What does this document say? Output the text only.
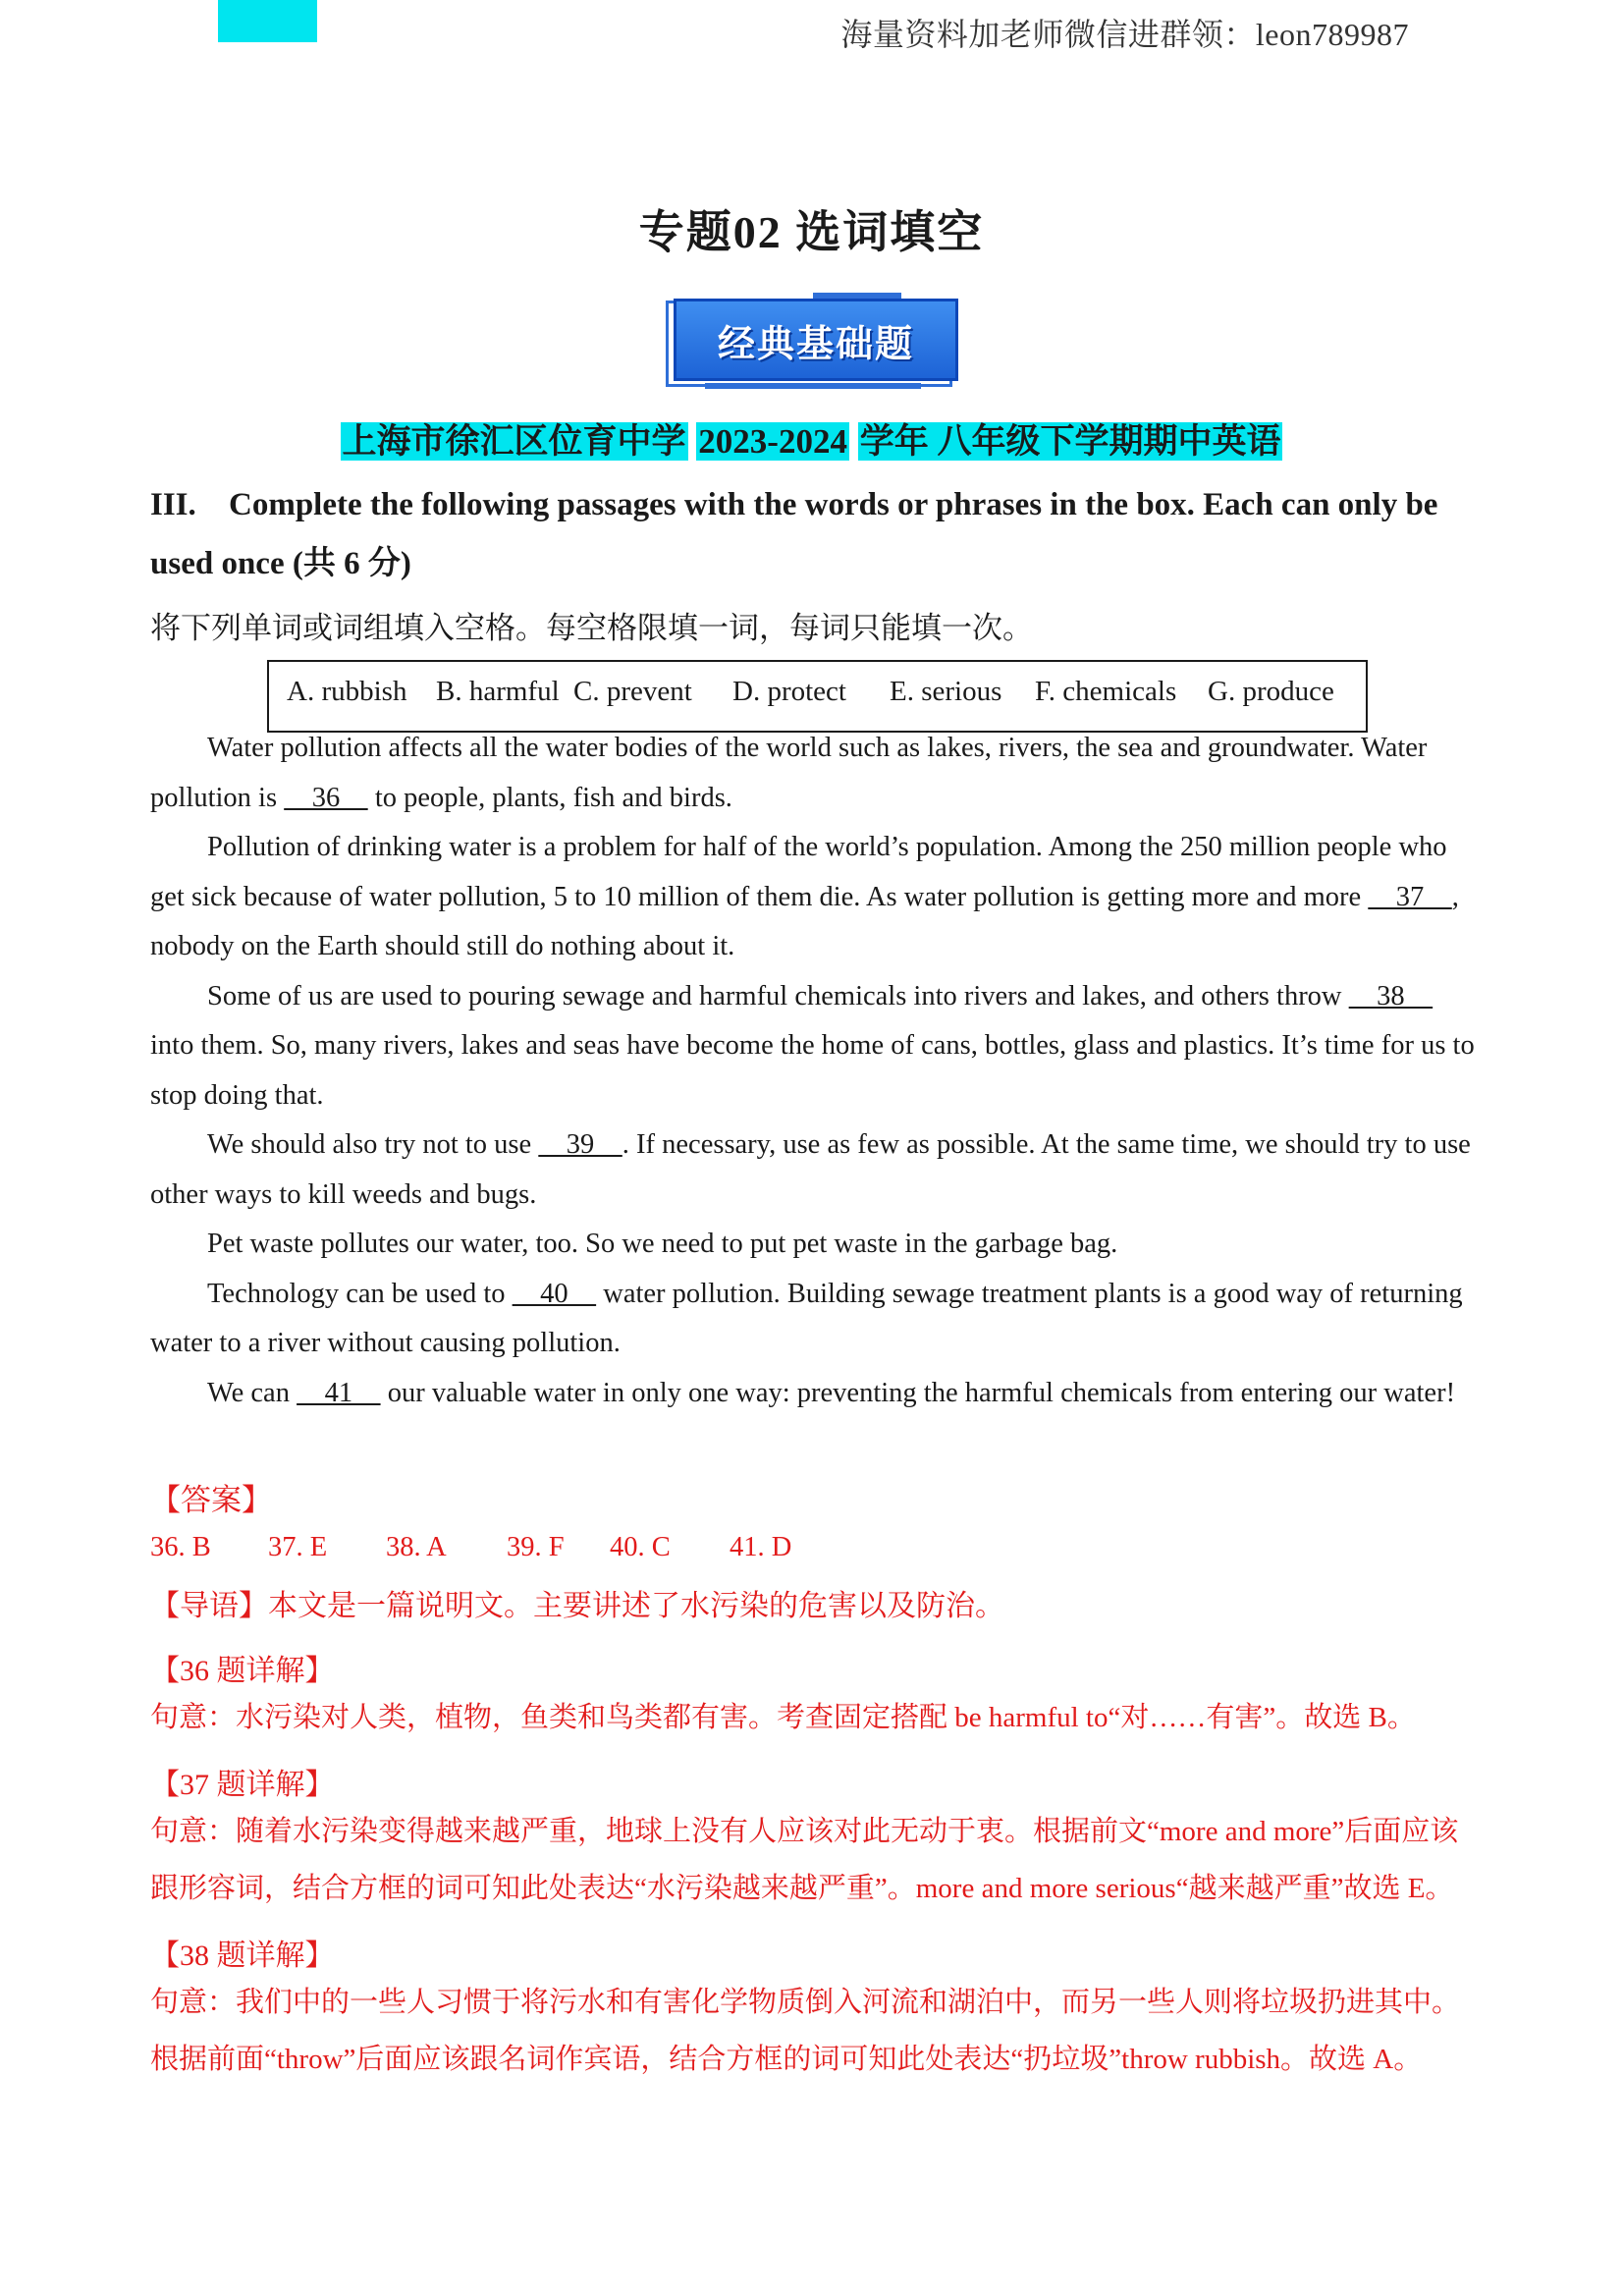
海量资料加老师微信进群领：leon789987
专题02 选词填空
经典基础题
上海市徐汇区位育中学 2023-2024 学年 八年级下学期期中英语
III. Complete the following passages with the words or phrases in the box. Each can only be used once (共 6 分)
将下列单词或词组填入空格。每空格限填一词，每词只能填一次。
A. rubbish B. harmful C. prevent D. protect E. serious F. chemicals G. produce

Water pollution affects all the water bodies of the world such as lakes, rivers, the sea and groundwater. Water pollution is     36     to people, plants, fish and birds.

Pollution of drinking water is a problem for half of the world’s population. Among the 250 million people who get sick because of water pollution, 5 to 10 million of them die. As water pollution is getting more and more     37    , nobody on the Earth should still do nothing about it.

Some of us are used to pouring sewage and harmful chemicals into rivers and lakes, and others throw     38     into them. So, many rivers, lakes and seas have become the home of cans, bottles, glass and plastics. It’s time for us to stop doing that.

We should also try not to use     39    . If necessary, use as few as possible. At the same time, we should try to use other ways to kill weeds and bugs.

Pet waste pollutes our water, too. So we need to put pet waste in the garbage bag.

Technology can be used to     40     water pollution. Building sewage treatment plants is a good way of returning water to a river without causing pollution.

We can     41     our valuable water in only one way: preventing the harmful chemicals from entering our water!

【答案】
36. B 37. E 38. A 39. F 40. C 41. D
【导语】本文是一篇说明文。主要讲述了水污染的危害以及防治。
【36 题详解】
句意：水污染对人类，植物，鱼类和鸟类都有害。考查固定搭配 be harmful to“对……有害”。故选 B。
【37 题详解】
句意：随着水污染变得越来越严重，地球上没有人应该对此无动于衷。根据前文“more and more”后面应该跟形容词，结合方框的词可知此处表达“水污染越来越严重”。more and more serious“越来越严重”故选 E。
【38 题详解】
句意：我们中的一些人习惯于将污水和有害化学物质倒入河流和湖泊中，而另一些人则将垃圾扔进其中。根据前面“throw”后面应该跟名词作宾语，结合方框的词可知此处表达“扔垃圾”throw rubbish。故选 A。
